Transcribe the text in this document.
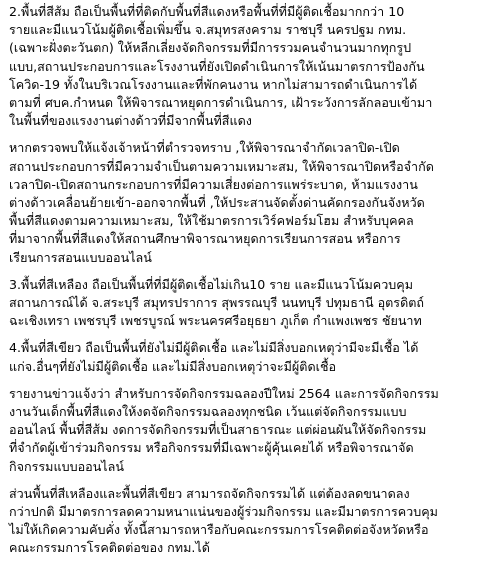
2.พื้นที่สีส้ม ถือเป็นพื้นที่ที่ติดกับพื้นที่สีแดงหรือพื้นที่ที่มีผู้ติดเชื้อมากกว่า 10
รายและมีแนวโน้มผู้ติดเชื้อเพิ่มขึ้น จ.สมุทรสงคราม ราชบุรี นครปฐม กทม.
(เฉพาะฝั่งตะวันตก) ให้หลีกเลี่ยงจัดกิจกรรมที่มีการรวมคนจำนวนมากทุกรูป
แบบ,สถานประกอบการและโรงงานที่ยังเปิดดำเนินการให้เน้นมาตรการป้องกัน
โควิด-19 ทั้งในบริเวณโรงงานและที่พักคนงาน หากไม่สามารถดำเนินการได้
ตามที่ ศบค.กำหนด ให้พิจารณาหยุดการดำเนินการ, เฝ้าระวังการลักลอบเข้ามา
ในพื้นที่ของแรงงานต่างด้าวที่มีจากพื้นที่สีแดง
หากตรวจพบให้แจ้งเจ้าหน้าที่ตำรวจทราบ ,ให้พิจารณาจำกัดเวลาปิด-เปิด
สถานประกอบการที่มีความจำเป็นตามความเหมาะสม, ให้พิจารณาปิดหรือจำกัด
เวลาปิด-เปิดสถานกระกอบการที่มีความเสี่ยงต่อการแพร่ระบาด, ห้ามแรงงาน
ต่างด้าวเคลื่อนย้ายเข้า-ออกจากพื้นที่ ,ให้ประสานจัดตั้งด่านคัดกรองกันจังหวัด
พื้นที่สีแดงตามความเหมาะสม, ให้ใช้มาตรการเวิร์คฟอร์มโฮม สำหรับบุคคล
ที่มาจากพื้นที่สีแดงให้สถานศึกษาพิจารณาหยุดการเรียนการสอน หรือการ
เรียนการสอนแบบออนไลน์
3.พื้นที่สีเหลือง ถือเป็นพื้นที่ที่มีผู้ติดเชื้อไม่เกิน10 ราย และมีแนวโน้มควบคุม
สถานการณ์ได้ จ.สระบุรี สมุทรปราการ สุพรรณบุรี นนทบุรี ปทุมธานี อุตรดิตถ์
ฉะเชิงเทรา เพชรบุรี เพชรบูรณ์ พระนครศรีอยุธยา ภูเก็ต กำแพงเพชร ชัยนาท
4.พื้นที่สีเขียว ถือเป็นพื้นที่ยังไม่มีผู้ติดเชื้อ และไม่มีสิ่งบอกเหตุว่ามีจะมีเชื้อ ได้
แก่จ.อื่นๆที่ยังไม่มีผู้ติดเชื้อ และไม่มีสิ่งบอกเหตุว่าจะมีผู้ติดเชื้อ
รายงานข่าวแจ้งว่า สำหรับการจัดกิจกรรมฉลองปีใหม่ 2564 และการจัดกิจกรรม
งานวันเด็กพื้นที่สีแดงให้งดจัดกิจกรรมฉลองทุกชนิด เว้นแต่จัดกิจกรรมแบบ
ออนไลน์ พื้นที่สีส้ม งดการจัดกิจกรรมที่เป็นสาธารณะ แต่ผ่อนผันให้จัดกิจกรรม
ที่จำกัดผู้เข้าร่วมกิจกรรม หรือกิจกรรมที่มีเฉพาะผู้คุ้นเคยได้ หรือพิจารณาจัด
กิจกรรมแบบออนไลน์
ส่วนพื้นที่สีเหลืองและพื้นที่สีเขียว สามารถจัดกิจกรรมได้ แต่ต้องลดขนาดลง
กว่าปกติ มีมาตรการลดความหนาแน่นของผู้ร่วมกิจกรรม และมีมาตรการควบคุม
ไม่ให้เกิดความคับคั่ง ทั้งนี้สามารถหารือกับคณะกรรมการโรคติดต่อจังหวัดหรือ
คณะกรรมการโรคติดต่อของ กทม.ได้
